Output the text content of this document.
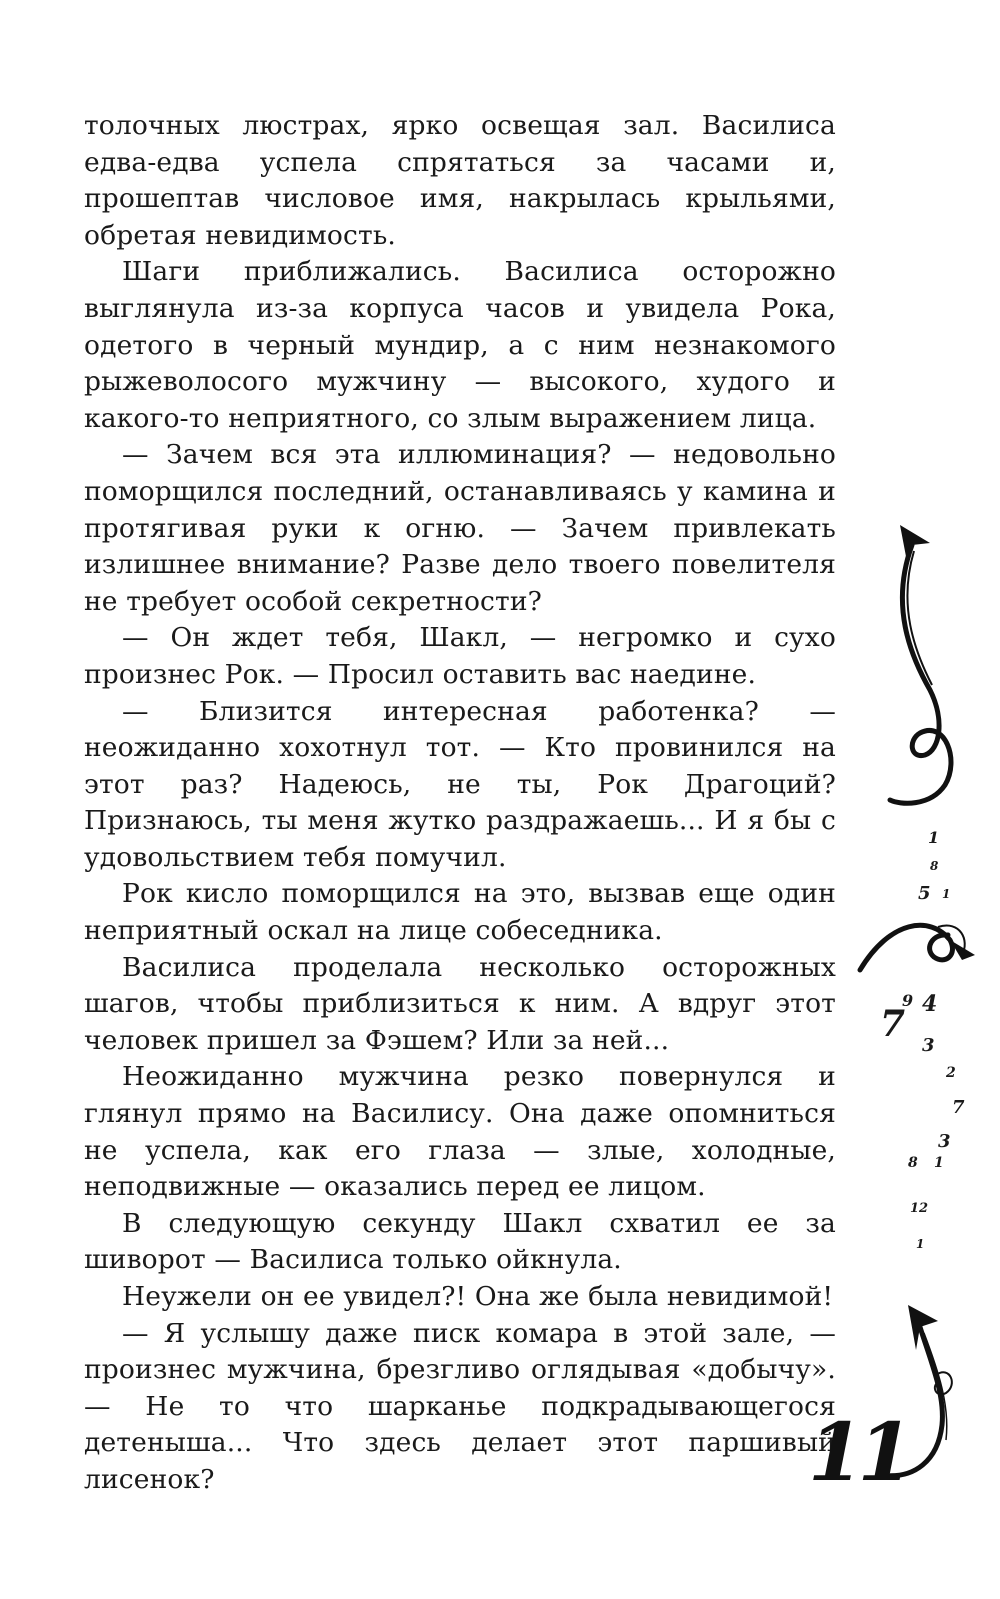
толочных люстрах, ярко освещая зал. Василиса едва-едва успела спрятаться за часами и, прошептав числовое имя, накрылась крыльями, обретая невидимость.

Шаги приближались. Василиса осторожно выглянула из-за корпуса часов и увидела Рока, одетого в черный мундир, а с ним незнакомого рыжеволосого мужчину — высокого, худого и какого-то неприятного, со злым выражением лица.

— Зачем вся эта иллюминация? — недовольно поморщился последний, останавливаясь у камина и протягивая руки к огню. — Зачем привлекать излишнее внимание? Разве дело твоего повелителя не требует особой секретности?

— Он ждет тебя, Шакл, — негромко и сухо произнес Рок. — Просил оставить вас наедине.

— Близится интересная работенка? — неожиданно хохотнул тот. — Кто провинился на этот раз? Надеюсь, не ты, Рок Драгоций? Признаюсь, ты меня жутко раздражаешь... И я бы с удовольствием тебя помучил.

Рок кисло поморщился на это, вызвав еще один неприятный оскал на лице собеседника.

Василиса проделала несколько осторожных шагов, чтобы приблизиться к ним. А вдруг этот человек пришел за Фэшем? Или за ней...

Неожиданно мужчина резко повернулся и глянул прямо на Василису. Она даже опомниться не успела, как его глаза — злые, холодные, неподвижные — оказались перед ее лицом.

В следующую секунду Шакл схватил ее за шиворот — Василиса только ойкнула.

Неужели он ее увидел?! Она же была невидимой!

— Я услышу даже писк комара в этой зале, — произнес мужчина, брезгливо оглядывая «добычу». — Не то что шарканье подкрадывающегося детеныша... Что здесь делает этот паршивый лисенок?

1
8
5 1
9 4
7
3
2
7
3
8 1
12
1
11
